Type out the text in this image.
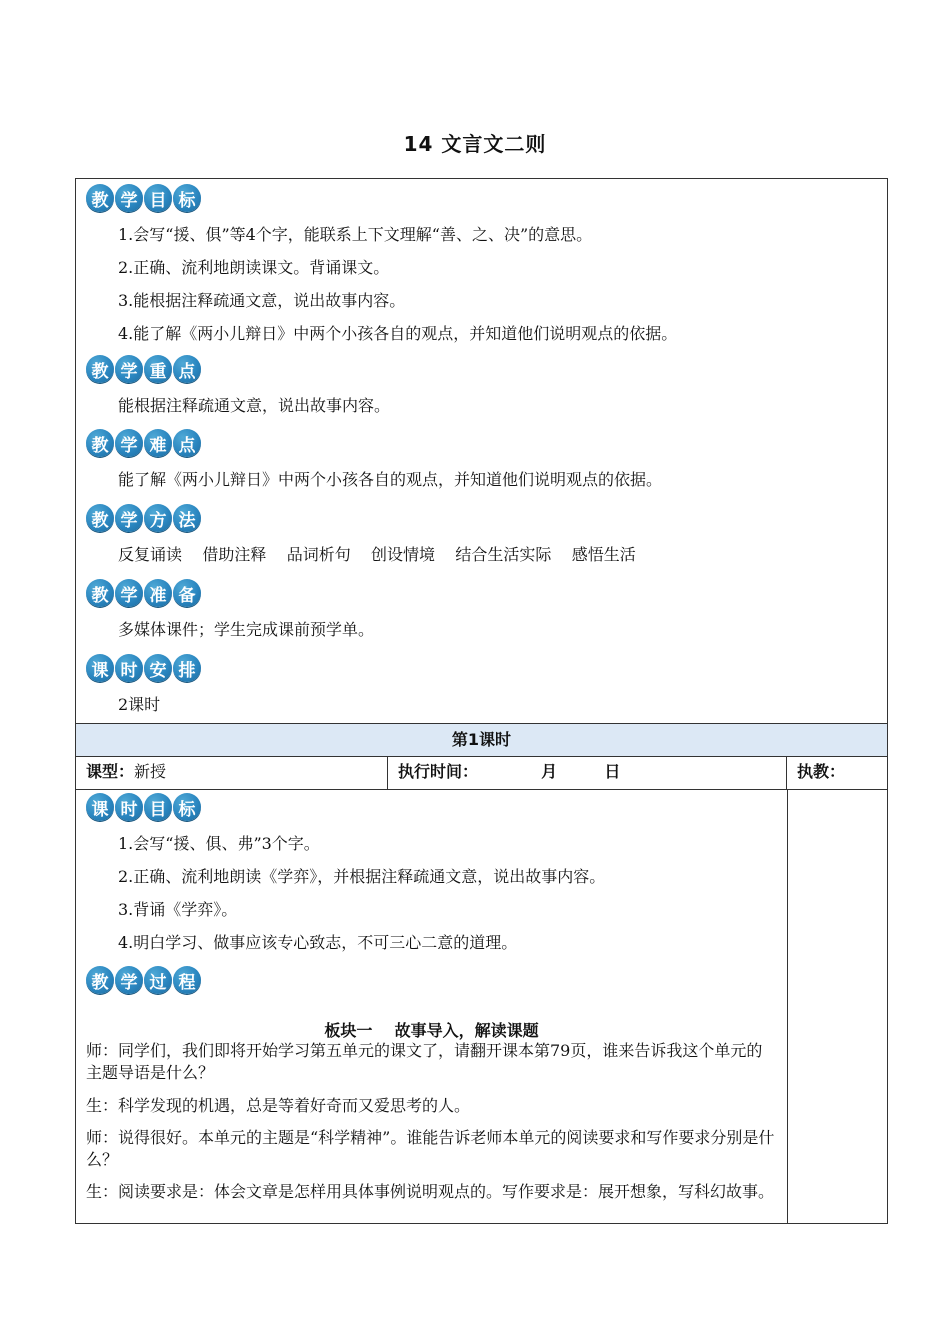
14 文言文二则
教 学 目 标

1.会写“援、俱”等4个字，能联系上下文理解“善、之、决”的意思。

2.正确、流利地朗读课文。背诵课文。

3.能根据注释疏通文意，说出故事内容。

4.能了解《两小儿辩日》中两个小孩各自的观点，并知道他们说明观点的依据。

教 学 重 点

能根据注释疏通文意，说出故事内容。

教 学 难 点

能了解《两小儿辩日》中两个小孩各自的观点，并知道他们说明观点的依据。

教 学 方 法

反复诵读    借助注释    品词析句    创设情境    结合生活实际    感悟生活

教 学 准 备

多媒体课件；学生完成课前预学单。

课 时 安 排

2课时

第1课时
课型：新授	执行时间：	月	日	执教：
课 时 目 标

1.会写“援、俱、弗”3个字。

2.正确、流利地朗读《学弈》，并根据注释疏通文意，说出故事内容。

3.背诵《学弈》。

4.明白学习、做事应该专心致志，不可三心二意的道理。

教 学 过 程
板块一    故事导入，解读课题

师：同学们，我们即将开始学习第五单元的课文了，请翻开课本第79页，谁来告诉我这个单元的主题导语是什么？

生：科学发现的机遇，总是等着好奇而又爱思考的人。

师：说得很好。本单元的主题是“科学精神”。谁能告诉老师本单元的阅读要求和写作要求分别是什么？

生：阅读要求是：体会文章是怎样用具体事例说明观点的。写作要求是：展开想象，写科幻故事。
